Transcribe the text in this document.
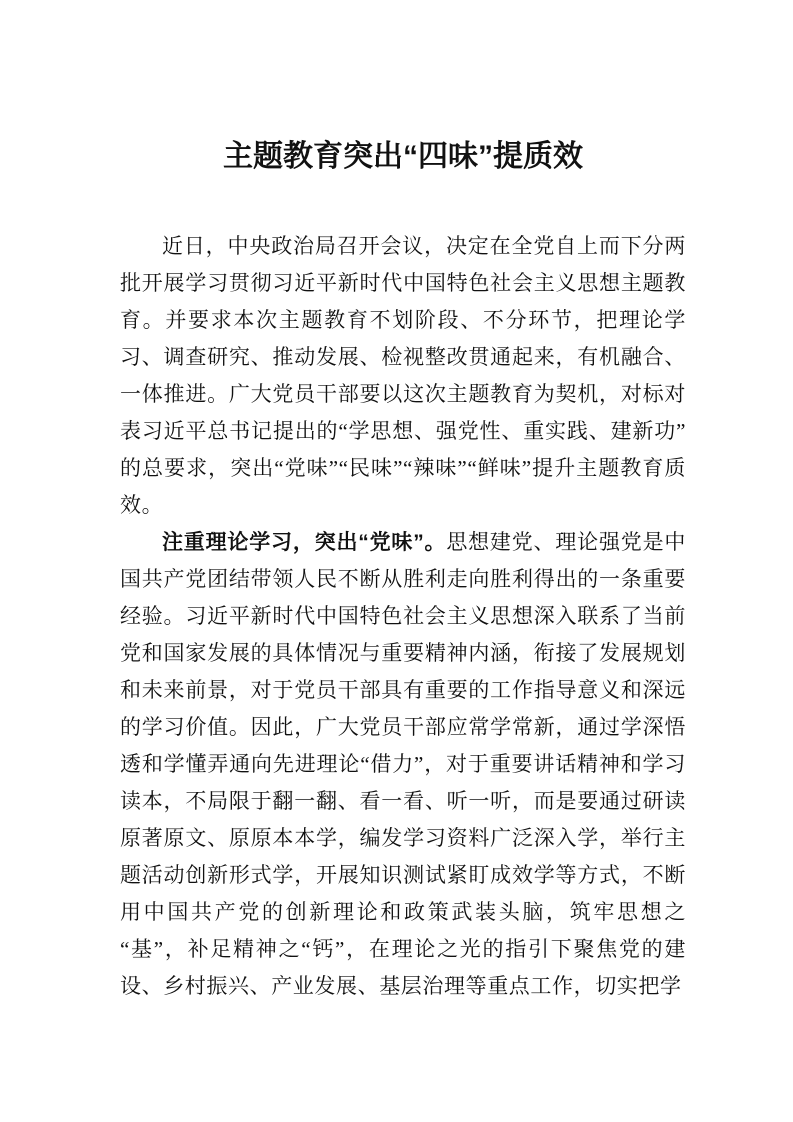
主题教育突出“四味”提质效

近日，中央政治局召开会议，决定在全党自上而下分两批开展学习贯彻习近平新时代中国特色社会主义思想主题教育。并要求本次主题教育不划阶段、不分环节，把理论学习、调查研究、推动发展、检视整改贯通起来，有机融合、一体推进。广大党员干部要以这次主题教育为契机，对标对表习近平总书记提出的“学思想、强党性、重实践、建新功”的总要求，突出“党味”“民味”“辣味”“鲜味”提升主题教育质效。

注重理论学习，突出“党味”。思想建党、理论强党是中国共产党团结带领人民不断从胜利走向胜利得出的一条重要经验。习近平新时代中国特色社会主义思想深入联系了当前党和国家发展的具体情况与重要精神内涵，衔接了发展规划和未来前景，对于党员干部具有重要的工作指导意义和深远的学习价值。因此，广大党员干部应常学常新，通过学深悟透和学懂弄通向先进理论“借力”，对于重要讲话精神和学习读本，不局限于翻一翻、看一看、听一听，而是要通过研读原著原文、原原本本学，编发学习资料广泛深入学，举行主题活动创新形式学，开展知识测试紧盯成效学等方式，不断用中国共产党的创新理论和政策武装头脑，筑牢思想之“基”，补足精神之“钙”，在理论之光的指引下聚焦党的建设、乡村振兴、产业发展、基层治理等重点工作，切实把学
